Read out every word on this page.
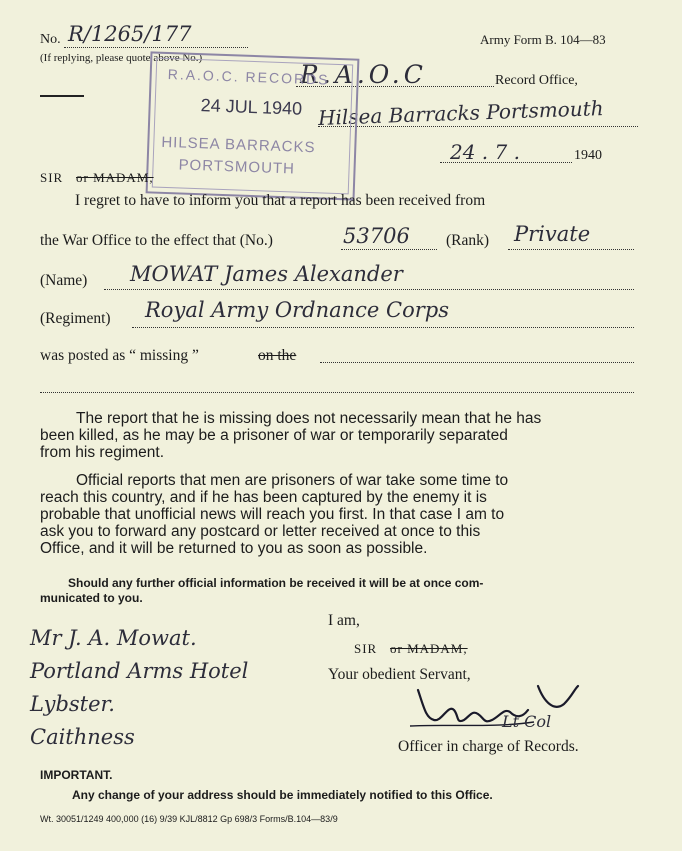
No. R/1265/177
(If replying, please quote above No.)
Army Form B. 104—83
R.A.O.C	Record Office,
Hilsea Barracks Portsmouth
24 . 7 .	1940
R.A.O.C. RECORDS
24 JUL 1940
HILSEA BARRACKS
PORTSMOUTH
SIR or MADAM,
I regret to have to inform you that a report has been received from
the War Office to the effect that (No.)	53706 (Rank) Private
(Name) MOWAT James Alexander
(Regiment) Royal Army Ordnance Corps
was posted as “ missing ”	on the
The report that he is missing does not necessarily mean that he has
been killed, as he may be a prisoner of war or temporarily separated
from his regiment.
Official reports that men are prisoners of war take some time to
reach this country, and if he has been captured by the enemy it is
probable that unofficial news will reach you first. In that case I am to
ask you to forward any postcard or letter received at once to this
Office, and it will be returned to you as soon as possible.
Should any further official information be received it will be at once com-
municated to you.
I am,
SIR or MADAM,
Your obedient Servant,
Lt Col
Officer in charge of Records.
Mr J. A. Mowat.
Portland Arms Hotel
Lybster.
Caithness
IMPORTANT.
Any change of your address should be immediately notified to this Office.
Wt. 30051/1249 400,000 (16) 9/39 KJL/8812 Gp 698/3 Forms/B.104—83/9
